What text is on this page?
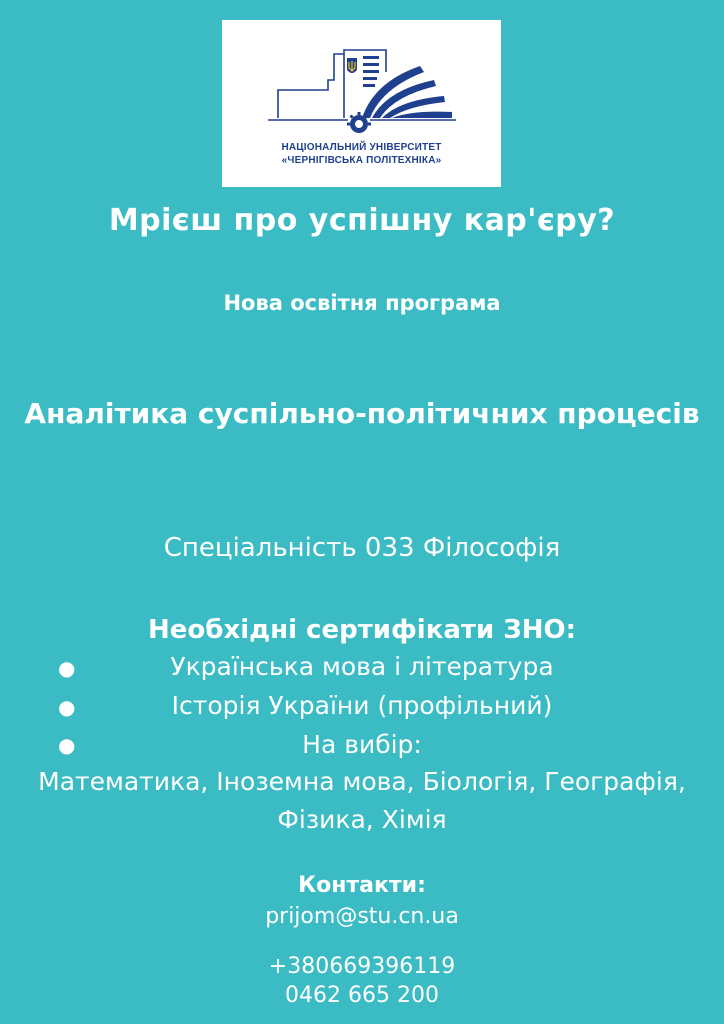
НАЦІОНАЛЬНИЙ УНІВЕРСИТЕТ
«ЧЕРНІГІВСЬКА ПОЛІТЕХНІКА»
Мрієш про успішну кар'єру?
Нова освітня програма
Аналітика суспільно-політичних процесів
Спеціальність 033 Філософія
Необхідні сертифікати ЗНО:
●	Українська мова і література
●	Історія України (профільний)
●	На вибір:
Математика, Іноземна мова, Біологія, Географія, Фізика, Хімія
Контакти:
prijom@stu.cn.ua
+380669396119
0462 665 200
